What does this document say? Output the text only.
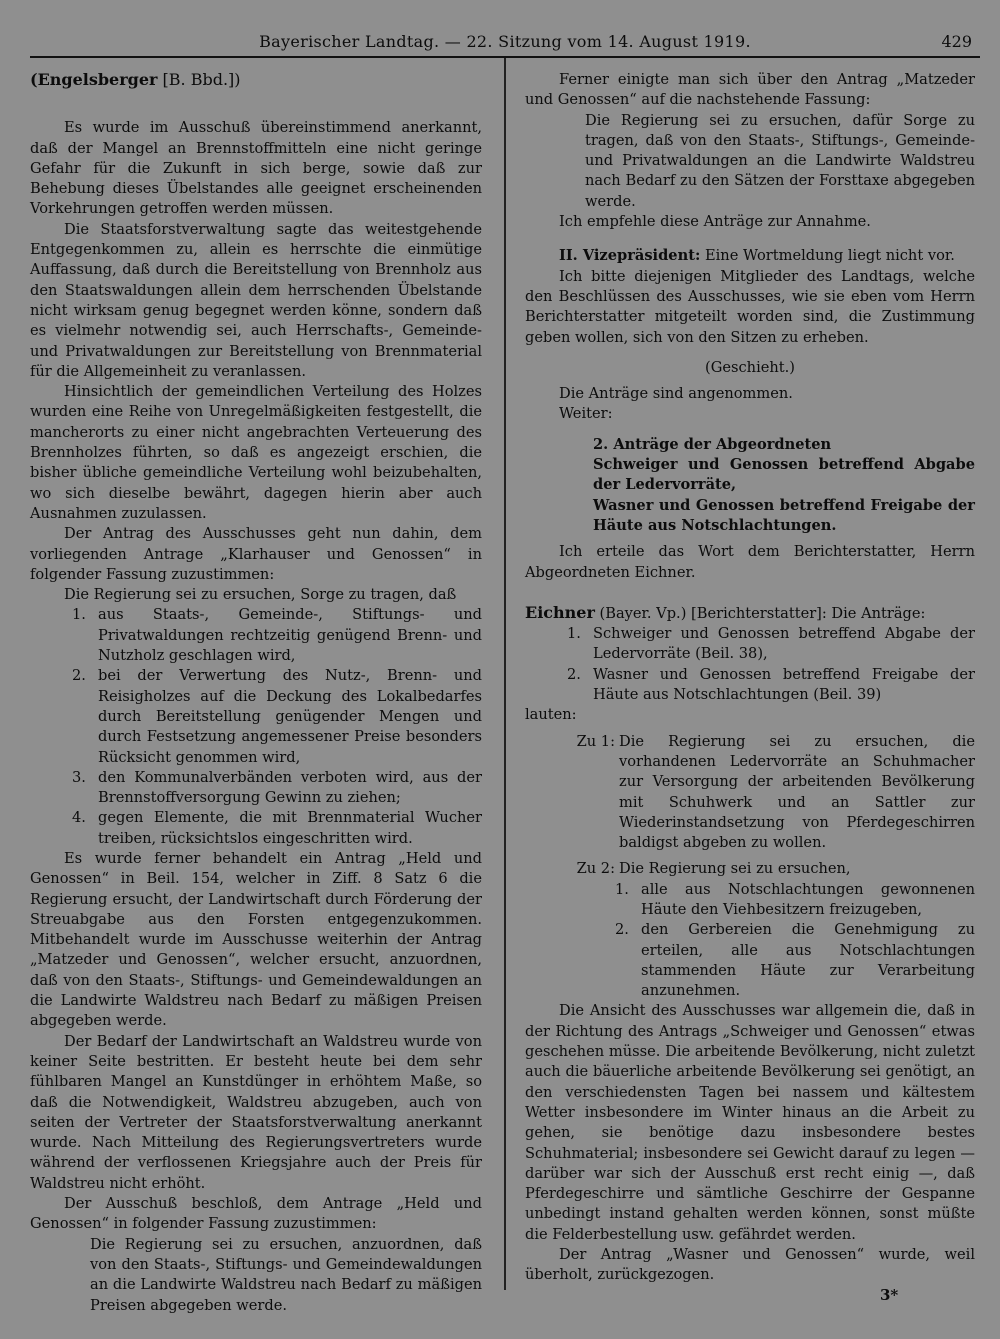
Bayerischer Landtag. — 22. Sitzung vom 14. August 1919.	429

(Engelsberger [B. Bbd.])

Es wurde im Ausschuß übereinstimmend anerkannt, daß der Mangel an Brennstoffmitteln eine nicht geringe Gefahr für die Zukunft in sich berge, sowie daß zur Behebung dieses Übelstandes alle geeignet erscheinenden Vorkehrungen getroffen werden müssen.

Die Staatsforstverwaltung sagte das weitestgehende Entgegenkommen zu, allein es herrschte die einmütige Auffassung, daß durch die Bereitstellung von Brennholz aus den Staatswaldungen allein dem herrschenden Übelstande nicht wirksam genug begegnet werden könne, sondern daß es vielmehr notwendig sei, auch Herrschafts-, Gemeinde- und Privatwaldungen zur Bereitstellung von Brennmaterial für die Allgemeinheit zu veranlassen.

Hinsichtlich der gemeindlichen Verteilung des Holzes wurden eine Reihe von Unregelmäßigkeiten festgestellt, die mancherorts zu einer nicht angebrachten Verteuerung des Brennholzes führten, so daß es angezeigt erschien, die bisher übliche gemeindliche Verteilung wohl beizubehalten, wo sich dieselbe bewährt, dagegen hierin aber auch Ausnahmen zuzulassen.

Der Antrag des Ausschusses geht nun dahin, dem vorliegenden Antrage „Klarhauser und Genossen“ in folgender Fassung zuzustimmen:

Die Regierung sei zu ersuchen, Sorge zu tragen, daß

1. aus Staats-, Gemeinde-, Stiftungs- und Privatwaldungen rechtzeitig genügend Brenn- und Nutzholz geschlagen wird,
2. bei der Verwertung des Nutz-, Brenn- und Reisigholzes auf die Deckung des Lokalbedarfes durch Bereitstellung genügender Mengen und durch Festsetzung angemessener Preise besonders Rücksicht genommen wird,
3. den Kommunalverbänden verboten wird, aus der Brennstoffversorgung Gewinn zu ziehen;
4. gegen Elemente, die mit Brennmaterial Wucher treiben, rücksichtslos eingeschritten wird.

Es wurde ferner behandelt ein Antrag „Held und Genossen“ in Beil. 154, welcher in Ziff. 8 Satz 6 die Regierung ersucht, der Landwirtschaft durch Förderung der Streuabgabe aus den Forsten entgegenzukommen. Mitbehandelt wurde im Ausschusse weiterhin der Antrag „Matzeder und Genossen“, welcher ersucht, anzuordnen, daß von den Staats-, Stiftungs- und Gemeindewaldungen an die Landwirte Waldstreu nach Bedarf zu mäßigen Preisen abgegeben werde.

Der Bedarf der Landwirtschaft an Waldstreu wurde von keiner Seite bestritten. Er besteht heute bei dem sehr fühlbaren Mangel an Kunstdünger in erhöhtem Maße, so daß die Notwendigkeit, Waldstreu abzugeben, auch von seiten der Vertreter der Staatsforstverwaltung anerkannt wurde. Nach Mitteilung des Regierungsvertreters wurde während der verflossenen Kriegsjahre auch der Preis für Waldstreu nicht erhöht.

Der Ausschuß beschloß, dem Antrage „Held und Genossen“ in folgender Fassung zuzustimmen:

Die Regierung sei zu ersuchen, anzuordnen, daß von den Staats-, Stiftungs- und Gemeindewaldungen an die Landwirte Waldstreu nach Bedarf zu mäßigen Preisen abgegeben werde.

Ferner einigte man sich über den Antrag „Matzeder und Genossen“ auf die nachstehende Fassung:

Die Regierung sei zu ersuchen, dafür Sorge zu tragen, daß von den Staats-, Stiftungs-, Gemeinde- und Privatwaldungen an die Landwirte Waldstreu nach Bedarf zu den Sätzen der Forsttaxe abgegeben werde.

Ich empfehle diese Anträge zur Annahme.

II. Vizepräsident: Eine Wortmeldung liegt nicht vor.

Ich bitte diejenigen Mitglieder des Landtags, welche den Beschlüssen des Ausschusses, wie sie eben vom Herrn Berichterstatter mitgeteilt worden sind, die Zustimmung geben wollen, sich von den Sitzen zu erheben.

(Geschieht.)

Die Anträge sind angenommen.

Weiter:

2. Anträge der Abgeordneten

Schweiger und Genossen betreffend Abgabe der Ledervorräte,

Wasner und Genossen betreffend Freigabe der Häute aus Notschlachtungen.

Ich erteile das Wort dem Berichterstatter, Herrn Abgeordneten Eichner.

Eichner (Bayer. Vp.) [Berichterstatter]: Die Anträge:

1. Schweiger und Genossen betreffend Abgabe der Ledervorräte (Beil. 38),
2. Wasner und Genossen betreffend Freigabe der Häute aus Notschlachtungen (Beil. 39)

lauten:

Zu 1: Die Regierung sei zu ersuchen, die vorhandenen Ledervorräte an Schuhmacher zur Versorgung der arbeitenden Bevölkerung mit Schuhwerk und an Sattler zur Wiederinstandsetzung von Pferdegeschirren baldigst abgeben zu wollen.
Zu 2: Die Regierung sei zu ersuchen,
1. alle aus Notschlachtungen gewonnenen Häute den Viehbesitzern freizugeben,
2. den Gerbereien die Genehmigung zu erteilen, alle aus Notschlachtungen stammenden Häute zur Verarbeitung anzunehmen.

Die Ansicht des Ausschusses war allgemein die, daß in der Richtung des Antrags „Schweiger und Genossen“ etwas geschehen müsse. Die arbeitende Bevölkerung, nicht zuletzt auch die bäuerliche arbeitende Bevölkerung sei genötigt, an den verschiedensten Tagen bei nassem und kältestem Wetter insbesondere im Winter hinaus an die Arbeit zu gehen, sie benötige dazu insbesondere bestes Schuhmaterial; insbesondere sei Gewicht darauf zu legen — darüber war sich der Ausschuß erst recht einig —, daß Pferdegeschirre und sämtliche Geschirre der Gespanne unbedingt instand gehalten werden können, sonst müßte die Felderbestellung usw. gefährdet werden.

Der Antrag „Wasner und Genossen“ wurde, weil überholt, zurückgezogen.

3*
